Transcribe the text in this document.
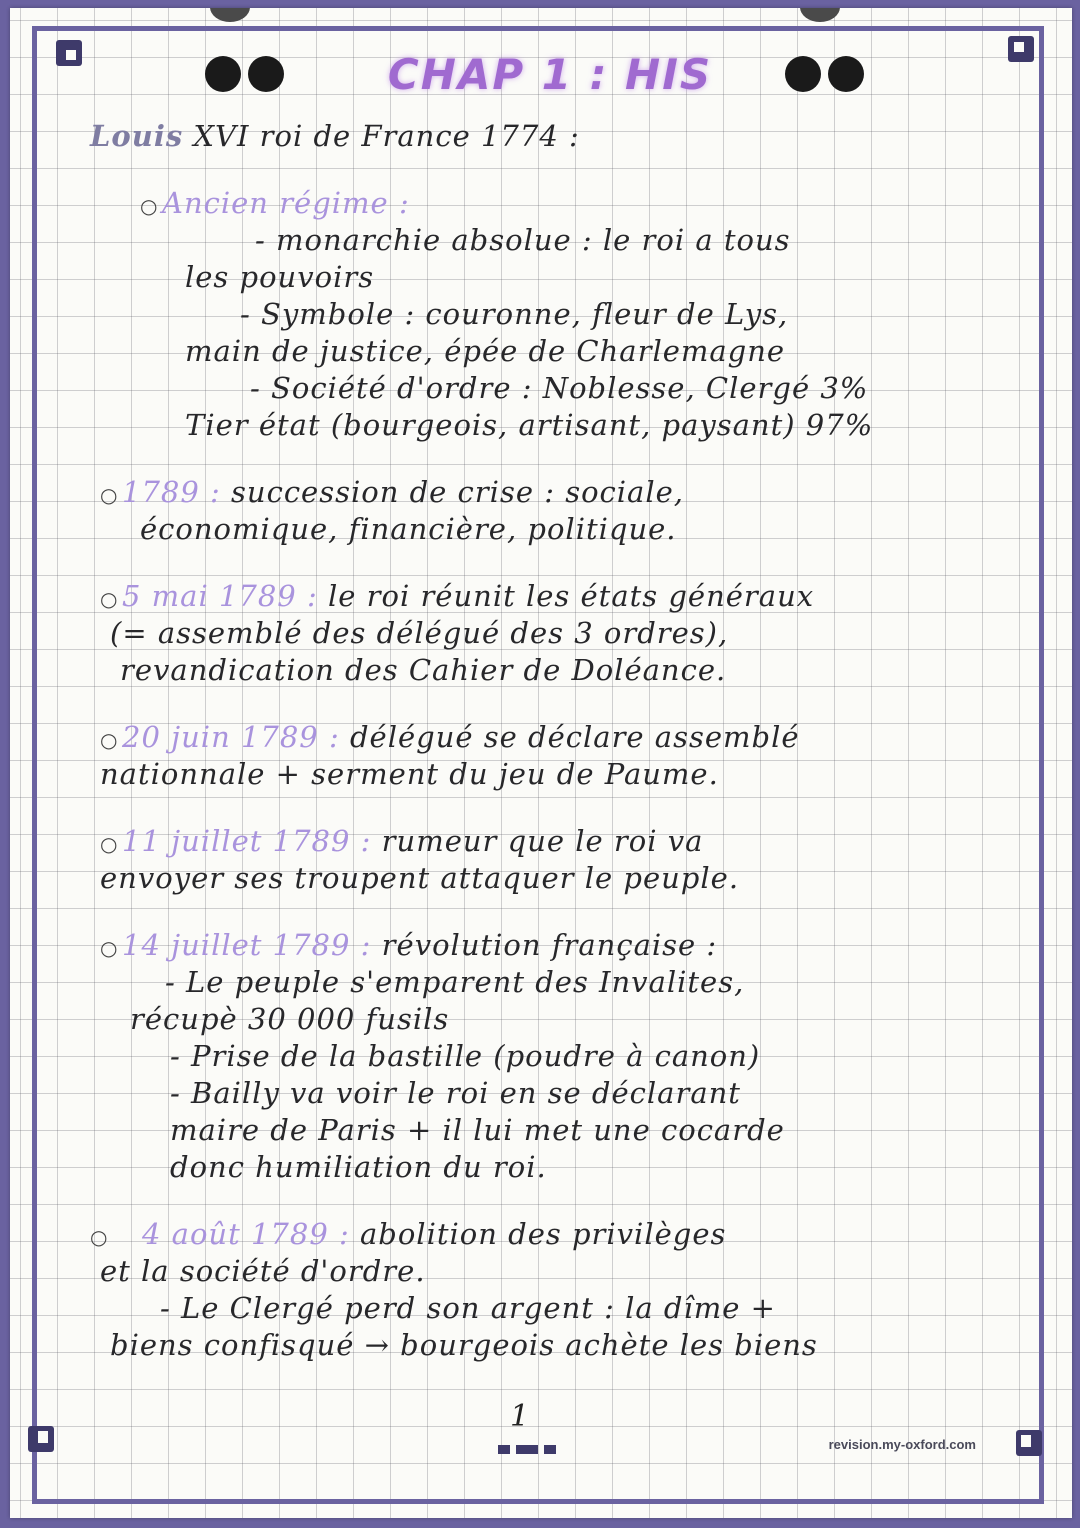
CHAP 1 : HIS
Louis XVI roi de France 1774 :
○ Ancien régime :
- monarchie absolue : le roi a tous
les pouvoirs
- Symbole : couronne, fleur de Lys,
main de justice, épée de Charlemagne
- Société d'ordre : Noblesse, Clergé 3%
Tier état (bourgeois, artisant, paysant) 97%
○ 1789 : succession de crise : sociale,
économique, financière, politique.
○ 5 mai 1789 : le roi réunit les états généraux
(= assemblé des délégué des 3 ordres),
revandication des Cahier de Doléance.
○ 20 juin 1789 : délégué se déclare assemblé
nationnale + serment du jeu de Paume.
○ 11 juillet 1789 : rumeur que le roi va
envoyer ses troupent attaquer le peuple.
○ 14 juillet 1789 : révolution française :
- Le peuple s'emparent des Invalites,
récupè 30 000 fusils
- Prise de la bastille (poudre à canon)
- Bailly va voir le roi en se déclarant
maire de Paris + il lui met une cocarde
donc humiliation du roi.
○ 4 août 1789 : abolition des privilèges
et la société d'ordre.
- Le Clergé perd son argent : la dîme +
biens confisqué → bourgeois achète les biens
1
revision.my-oxford.com
